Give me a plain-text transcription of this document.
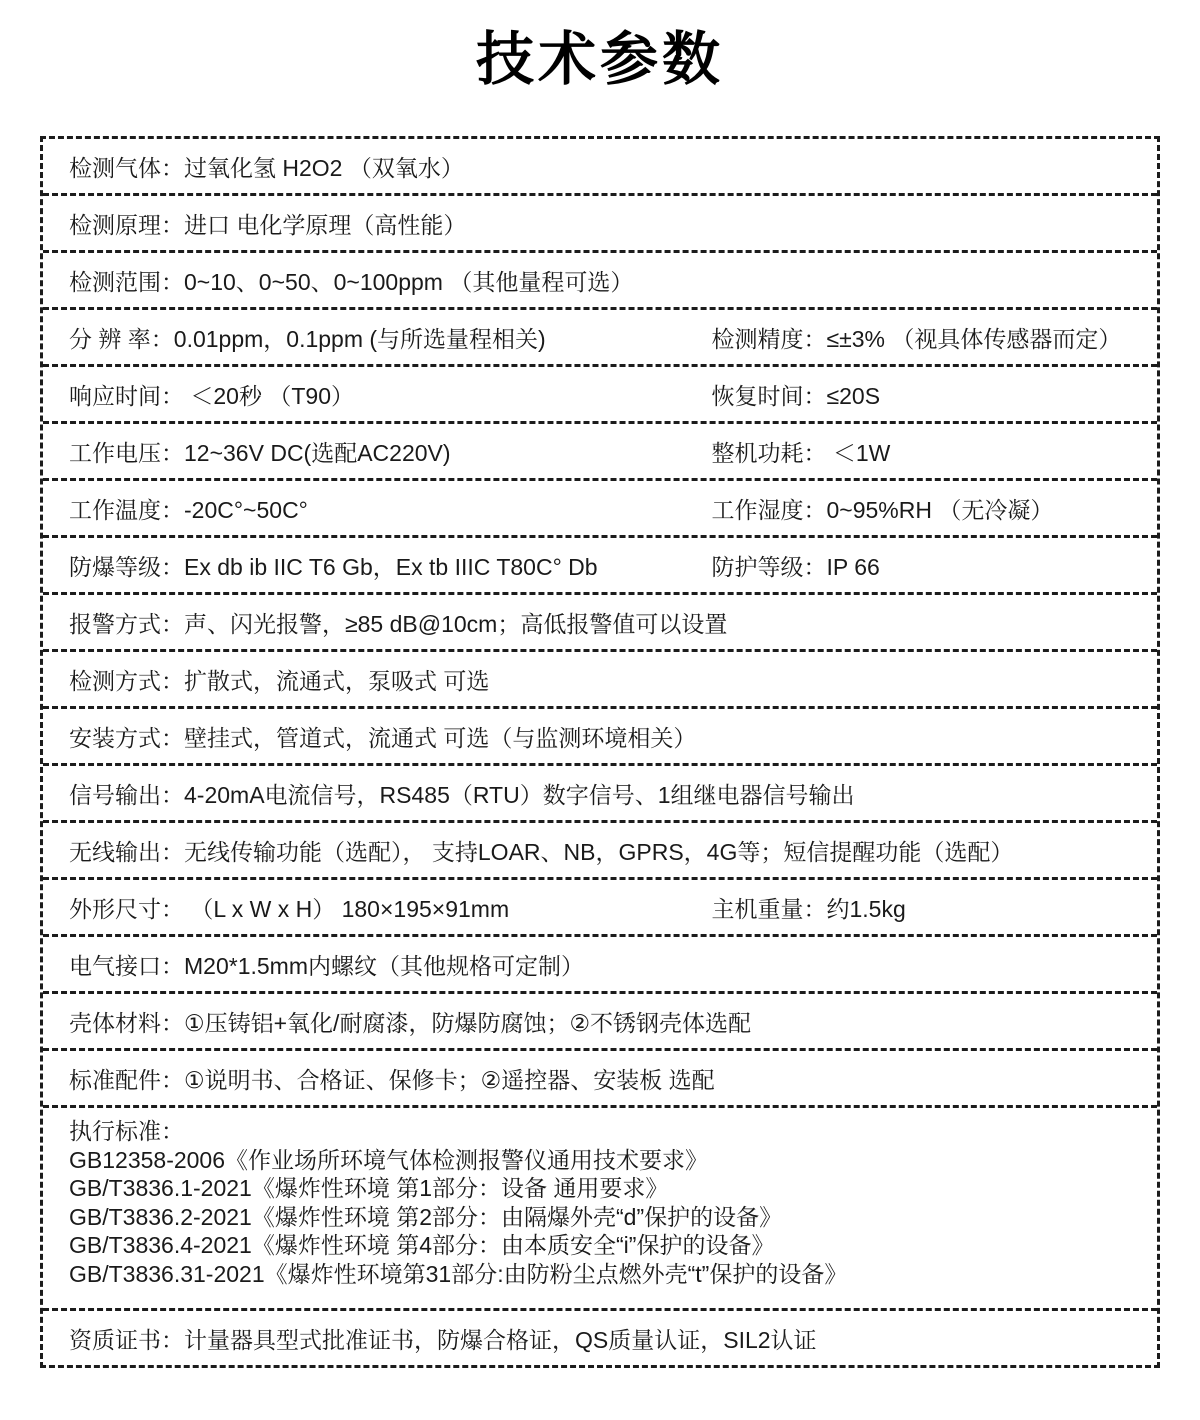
技术参数
检测气体：过氧化氢 H2O2 （双氧水）
检测原理：进口 电化学原理（高性能）
检测范围：0~10、0~50、0~100ppm （其他量程可选）
分 辨 率：0.01ppm，0.1ppm (与所选量程相关)	检测精度：≤±3% （视具体传感器而定）
响应时间： ＜20秒 （T90）	恢复时间：≤20S
工作电压：12~36V DC(选配AC220V)	整机功耗： ＜1W
工作温度：-20C°~50C°	工作湿度：0~95%RH （无冷凝）
防爆等级：Ex db ib IIC T6 Gb，Ex tb IIIC T80C° Db	防护等级：IP 66
报警方式：声、闪光报警，≥85 dB@10cm；高低报警值可以设置
检测方式：扩散式，流通式，泵吸式 可选
安装方式：壁挂式，管道式，流通式 可选（与监测环境相关）
信号输出：4-20mA电流信号，RS485（RTU）数字信号、1组继电器信号输出
无线输出：无线传输功能（选配）， 支持LOAR、NB，GPRS，4G等；短信提醒功能（选配）
外形尺寸： （L x W x H） 180×195×91mm	主机重量：约1.5kg
电气接口：M20*1.5mm内螺纹（其他规格可定制）
壳体材料：①压铸铝+氧化/耐腐漆，防爆防腐蚀；②不锈钢壳体选配
标准配件：①说明书、合格证、保修卡；②遥控器、安装板 选配
执行标准：
GB12358-2006《作业场所环境气体检测报警仪通用技术要求》
GB/T3836.1-2021《爆炸性环境 第1部分：设备 通用要求》
GB/T3836.2-2021《爆炸性环境 第2部分：由隔爆外壳“d”保护的设备》
GB/T3836.4-2021《爆炸性环境 第4部分：由本质安全“i”保护的设备》
GB/T3836.31-2021《爆炸性环境第31部分:由防粉尘点燃外壳“t”保护的设备》
资质证书：计量器具型式批准证书，防爆合格证，QS质量认证，SIL2认证
